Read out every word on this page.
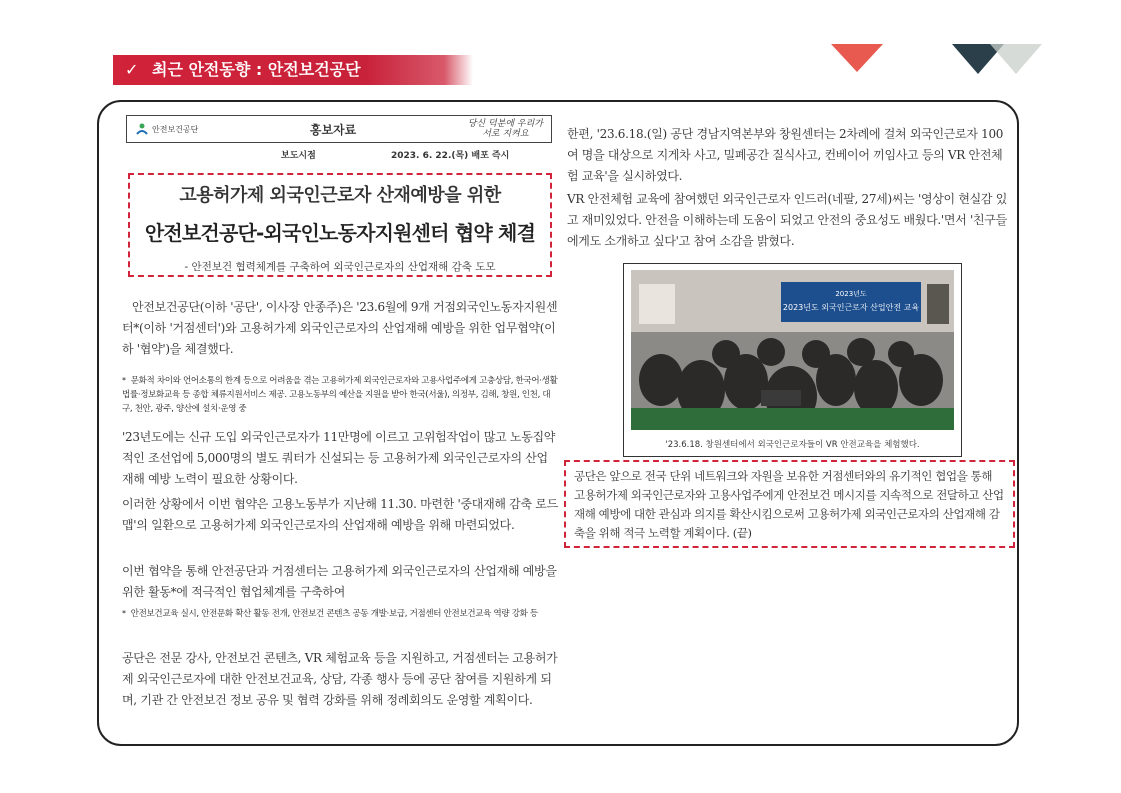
✓ 최근 안전동향 : 안전보건공단
안전보건공단	홍보자료	당신 덕분에 우리가
서로 지켜요
보도시점	2023. 6. 22.(목) 배포 즉시
고용허가제 외국인근로자 산재예방을 위한
안전보건공단-외국인노동자지원센터 협약 체결
- 안전보건 협력체계를 구축하여 외국인근로자의 산업재해 감축 도모
안전보건공단(이하 '공단', 이사장 안종주)은 '23.6월에 9개 거점외국인노동자지원센터*(이하 '거점센터')와 고용허가제 외국인근로자의 산업재해 예방을 위한 업무협약(이하 '협약')을 체결했다.
* 문화적 차이와 언어소통의 한계 등으로 어려움을 겪는 고용허가제 외국인근로자와 고용사업주에게 고충상담, 한국어·생활법률·정보화교육 등 종합 체류지원서비스 제공. 고용노동부의 예산을 지원을 받아 한국(서울), 의정부, 김해, 창원, 인천, 대구, 천안, 광주, 양산에 설치·운영 중
'23년도에는 신규 도입 외국인근로자가 11만명에 이르고 고위험작업이 많고 노동집약적인 조선업에 5,000명의 별도 쿼터가 신설되는 등 고용허가제 외국인근로자의 산업재해 예방 노력이 필요한 상황이다.
이러한 상황에서 이번 협약은 고용노동부가 지난해 11.30. 마련한 '중대재해 감축 로드맵'의 일환으로 고용허가제 외국인근로자의 산업재해 예방을 위해 마련되었다.
이번 협약을 통해 안전공단과 거점센터는 고용허가제 외국인근로자의 산업재해 예방을 위한 활동*에 적극적인 협업체계를 구축하여
* 안전보건교육 실시, 안전문화 확산 활동 전개, 안전보건 콘텐츠 공동 개발·보급, 거점센터 안전보건교육 역량 강화 등
공단은 전문 강사, 안전보건 콘텐츠, VR 체험교육 등을 지원하고, 거점센터는 고용허가제 외국인근로자에 대한 안전보건교육, 상담, 각종 행사 등에 공단 참여를 지원하게 되며, 기관 간 안전보건 정보 공유 및 협력 강화를 위해 정례회의도 운영할 계획이다.
한편, '23.6.18.(일) 공단 경남지역본부와 창원센터는 2차례에 걸쳐 외국인근로자 100여 명을 대상으로 지게차 사고, 밀폐공간 질식사고, 컨베이어 끼임사고 등의 VR 안전체험 교육'을 실시하였다.
VR 안전체험 교육에 참여했던 외국인근로자 인드러(네팔, 27세)씨는 '영상이 현실감 있고 재미있었다. 안전을 이해하는데 도움이 되었고 안전의 중요성도 배웠다.'면서 '친구들에게도 소개하고 싶다'고 참여 소감을 밝혔다.
2023년도
2023년도 외국인근로자 산업안전 교육
'23.6.18. 창원센터에서 외국인근로자들이 VR 안전교육을 체험했다.
공단은 앞으로 전국 단위 네트워크와 자원을 보유한 거점센터와의 유기적인 협업을 통해 고용허가제 외국인근로자와 고용사업주에게 안전보건 메시지를 지속적으로 전달하고 산업재해 예방에 대한 관심과 의지를 확산시킴으로써 고용허가제 외국인근로자의 산업재해 감축을 위해 적극 노력할 계획이다. (끝)
